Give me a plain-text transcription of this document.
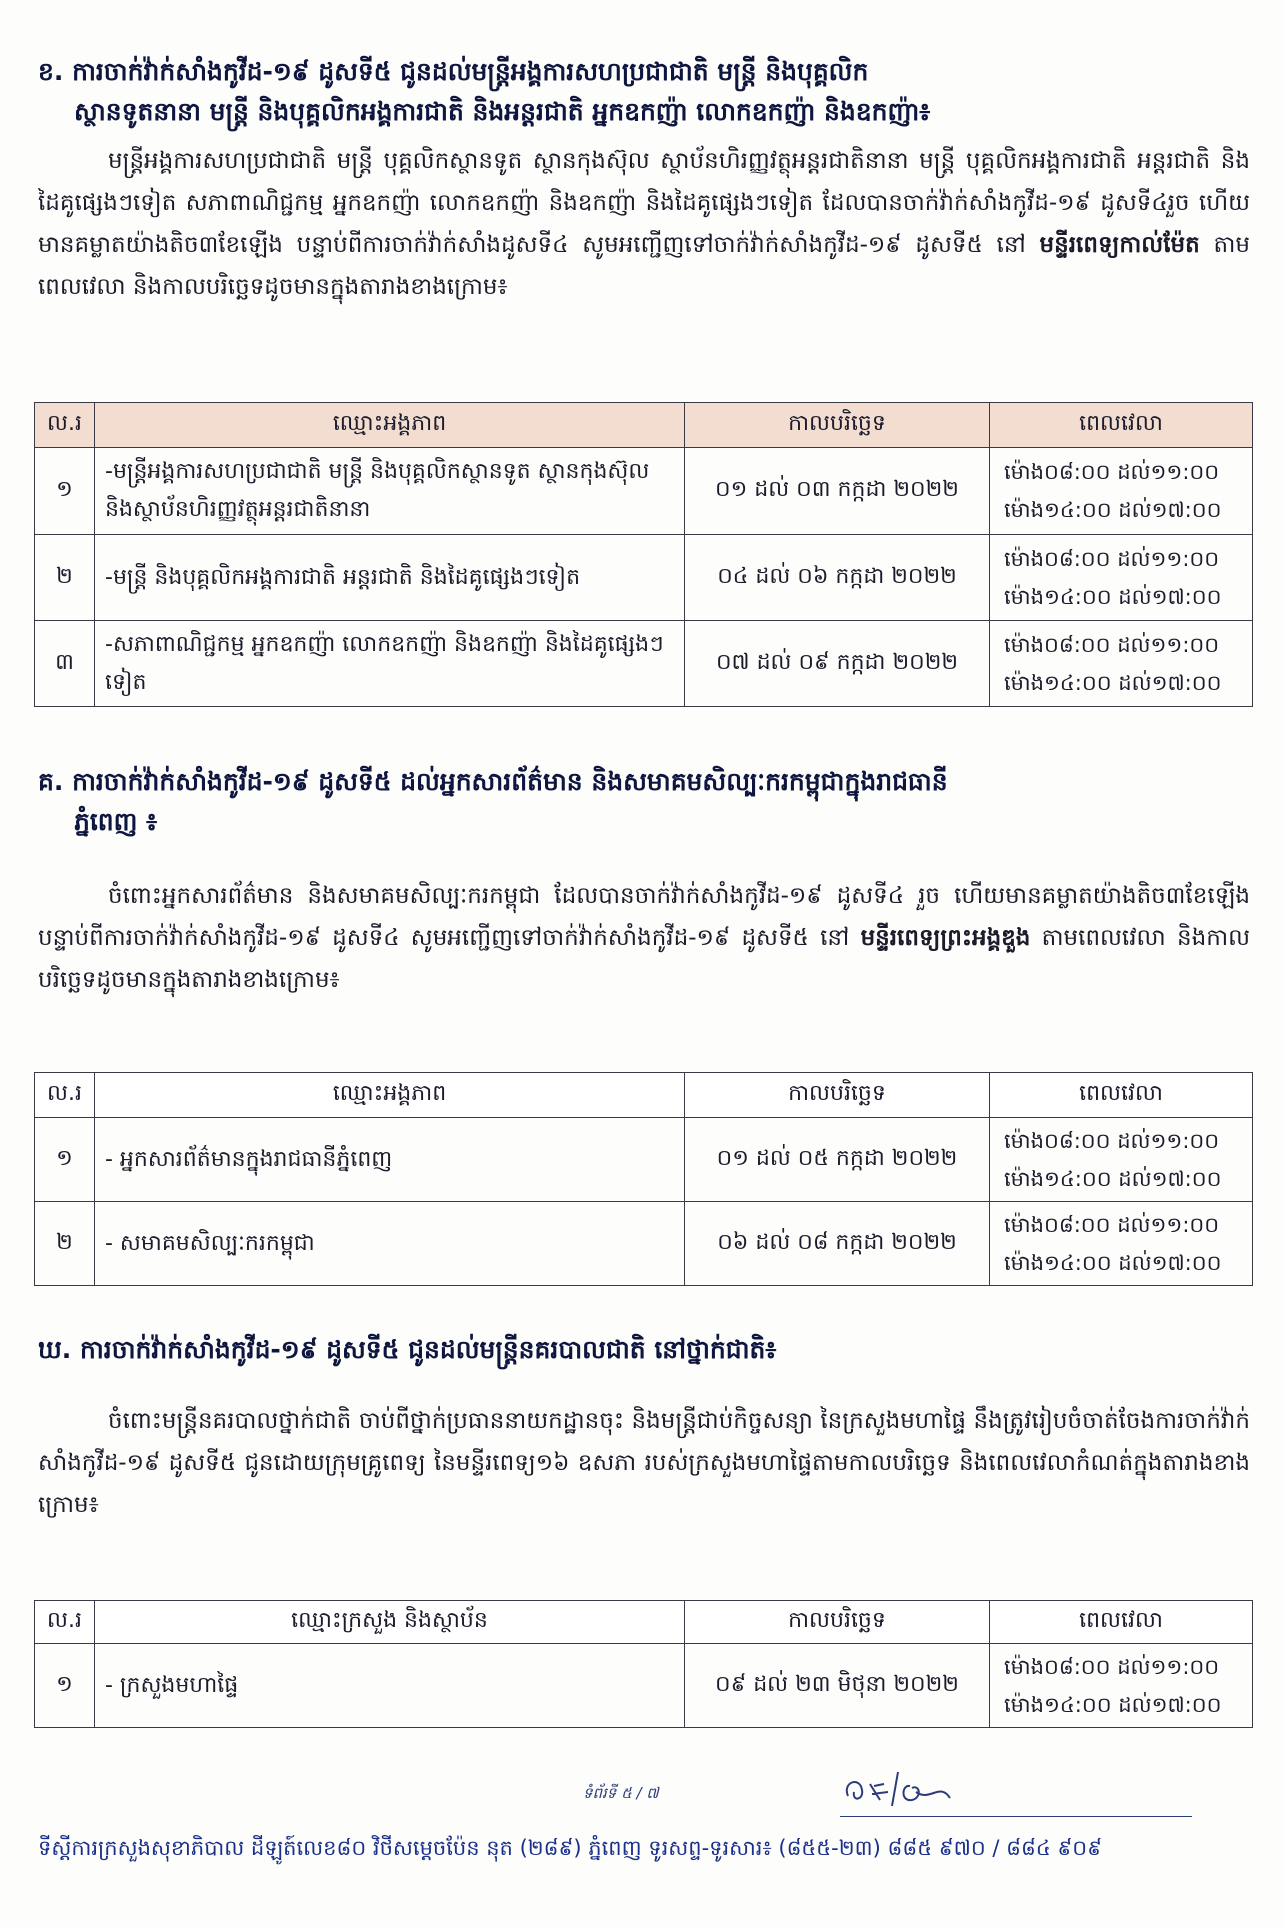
ខ. ការចាក់វ៉ាក់សាំងកូវីដ-១៩ ដូសទី៥ ជូនដល់មន្ត្រីអង្គការសហប្រជាជាតិ មន្ត្រី និងបុគ្គលិក
ស្ថានទូតនានា មន្ត្រី និងបុគ្គលិកអង្គការជាតិ និងអន្តរជាតិ អ្នកឧកញ៉ា លោកឧកញ៉ា និងឧកញ៉ា៖
មន្ត្រីអង្គការសហប្រជាជាតិ មន្ត្រី បុគ្គលិកស្ថានទូត ស្ថានកុងស៊ុល ស្ថាប័នហិរញ្ញវត្ថុអន្តរជាតិនានា មន្ត្រី បុគ្គលិកអង្គការជាតិ អន្តរជាតិ និងដៃគូផ្សេងៗទៀត សភាពាណិជ្ជកម្ម អ្នកឧកញ៉ា លោកឧកញ៉ា និងឧកញ៉ា និងដៃគូផ្សេងៗទៀត ដែលបានចាក់វ៉ាក់សាំងកូវីដ-១៩ ដូសទី៤រួច ហើយមានគម្លាតយ៉ាងតិច៣ខែឡើង បន្ទាប់ពីការចាក់វ៉ាក់សាំងដូសទី៤ សូមអញ្ជើញទៅចាក់វ៉ាក់សាំងកូវីដ-១៩ ដូសទី៥ នៅ មន្ទីរពេទ្យកាល់ម៉ែត តាមពេលវេលា និងកាលបរិច្ឆេទដូចមានក្នុងតារាងខាងក្រោម៖
ល.រ	ឈ្មោះអង្គភាព	កាលបរិច្ឆេទ	ពេលវេលា
១	-មន្ត្រីអង្គការសហប្រជាជាតិ មន្ត្រី និងបុគ្គលិកស្ថានទូត ស្ថានកុងស៊ុល និងស្ថាប័នហិរញ្ញវត្ថុអន្តរជាតិនានា	០១ ដល់ ០៣ កក្កដា ២០២២	ម៉ោង០៨:០០ ដល់១១:០០
ម៉ោង១៤:០០ ដល់១៧:០០

២	-មន្ត្រី និងបុគ្គលិកអង្គការជាតិ អន្តរជាតិ និងដៃគូផ្សេងៗទៀត	០៤ ដល់ ០៦ កក្កដា ២០២២	ម៉ោង០៨:០០ ដល់១១:០០
ម៉ោង១៤:០០ ដល់១៧:០០

៣	-សភាពាណិជ្ជកម្ម អ្នកឧកញ៉ា លោកឧកញ៉ា និងឧកញ៉ា និងដៃគូផ្សេងៗទៀត	០៧ ដល់ ០៩ កក្កដា ២០២២	ម៉ោង០៨:០០ ដល់១១:០០
ម៉ោង១៤:០០ ដល់១៧:០០
គ. ការចាក់វ៉ាក់សាំងកូវីដ-១៩ ដូសទី៥ ដល់អ្នកសារព័ត៌មាន និងសមាគមសិល្បៈករកម្ពុជាក្នុងរាជធានី
ភ្នំពេញ ៖
ចំពោះអ្នកសារព័ត៌មាន និងសមាគមសិល្បៈករកម្ពុជា ដែលបានចាក់វ៉ាក់សាំងកូវីដ-១៩ ដូសទី៤ រួច ហើយមានគម្លាតយ៉ាងតិច៣ខែឡើង បន្ទាប់ពីការចាក់វ៉ាក់សាំងកូវីដ-១៩ ដូសទី៤ សូមអញ្ជើញទៅចាក់វ៉ាក់សាំងកូវីដ-១៩ ដូសទី៥ នៅ មន្ទីរពេទ្យព្រះអង្គឌួង តាមពេលវេលា និងកាលបរិច្ឆេទដូចមានក្នុងតារាងខាងក្រោម៖
ល.រ	ឈ្មោះអង្គភាព	កាលបរិច្ឆេទ	ពេលវេលា
១	- អ្នកសារព័ត៌មានក្នុងរាជធានីភ្នំពេញ	០១ ដល់ ០៥ កក្កដា ២០២២	ម៉ោង០៨:០០ ដល់១១:០០
ម៉ោង១៤:០០ ដល់១៧:០០

២	- សមាគមសិល្បៈករកម្ពុជា	០៦ ដល់ ០៨ កក្កដា ២០២២	ម៉ោង០៨:០០ ដល់១១:០០
ម៉ោង១៤:០០ ដល់១៧:០០
ឃ. ការចាក់វ៉ាក់សាំងកូវីដ-១៩ ដូសទី៥ ជូនដល់មន្ត្រីនគរបាលជាតិ នៅថ្នាក់ជាតិ៖
ចំពោះមន្ត្រីនគរបាលថ្នាក់ជាតិ ចាប់ពីថ្នាក់ប្រធាននាយកដ្ឋានចុះ និងមន្ត្រីជាប់កិច្ចសន្យា នៃក្រសួងមហាផ្ទៃ នឹងត្រូវរៀបចំចាត់ចែងការចាក់វ៉ាក់សាំងកូវីដ-១៩ ដូសទី៥ ជូនដោយក្រុមគ្រូពេទ្យ នៃមន្ទីរពេទ្យ១៦ ឧសភា របស់ក្រសួងមហាផ្ទៃតាមកាលបរិច្ឆេទ និងពេលវេលាកំណត់ក្នុងតារាងខាងក្រោម៖
ល.រ	ឈ្មោះក្រសួង និងស្ថាប័ន	កាលបរិច្ឆេទ	ពេលវេលា
១	- ក្រសួងមហាផ្ទៃ	០៩ ដល់ ២៣ មិថុនា ២០២២	ម៉ោង០៨:០០ ដល់១១:០០
ម៉ោង១៤:០០ ដល់១៧:០០
ទំព័រទី ៥ / ៧
ទីស្តីការក្រសួងសុខាភិបាល ដីឡូត៍លេខ៨០ វិថីសម្តេចប៉ែន នុត (២៨៩) ភ្នំពេញ ទូរសព្ទ-ទូរសារ៖ (៨៥៥-២៣) ៨៨៥ ៩៧០ / ៨៨៤ ៩០៩
